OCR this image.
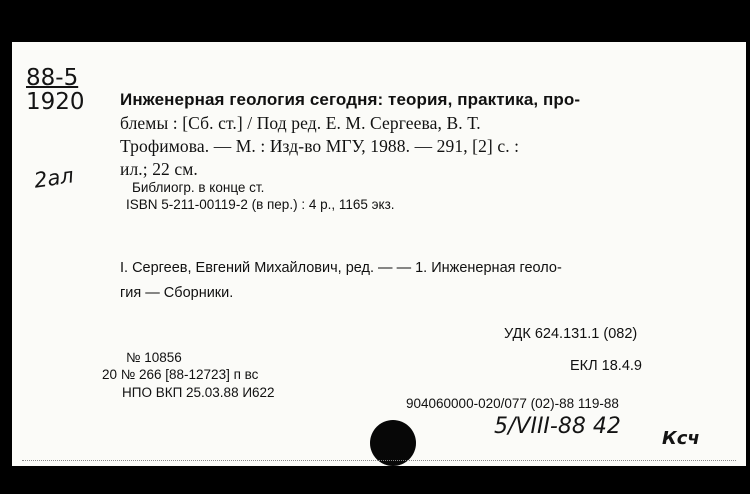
88-5
1920
2ал
Инженерная геология сегодня: теория, практика, про-
блемы : [Сб. ст.] / Под ред. Е. М. Сергеева, В. Т.
Трофимова. — М. : Изд-во МГУ, 1988. — 291, [2] с. :
ил.; 22 см.
Библиогр. в конце ст.
ISBN 5-211-00119-2 (в пер.) : 4 р., 1165 экз.
I. Сергеев, Евгений Михайлович, ред. — — 1. Инженерная геоло-
гия — Сборники.
УДК 624.131.1 (082)
ЕКЛ 18.4.9
№ 10856
20 № 266 [88-12723] п вс
НПО ВКП 25.03.88 И622
904060000-020/077 (02)-88 119-88
5/VIII-88 42 Ксч
